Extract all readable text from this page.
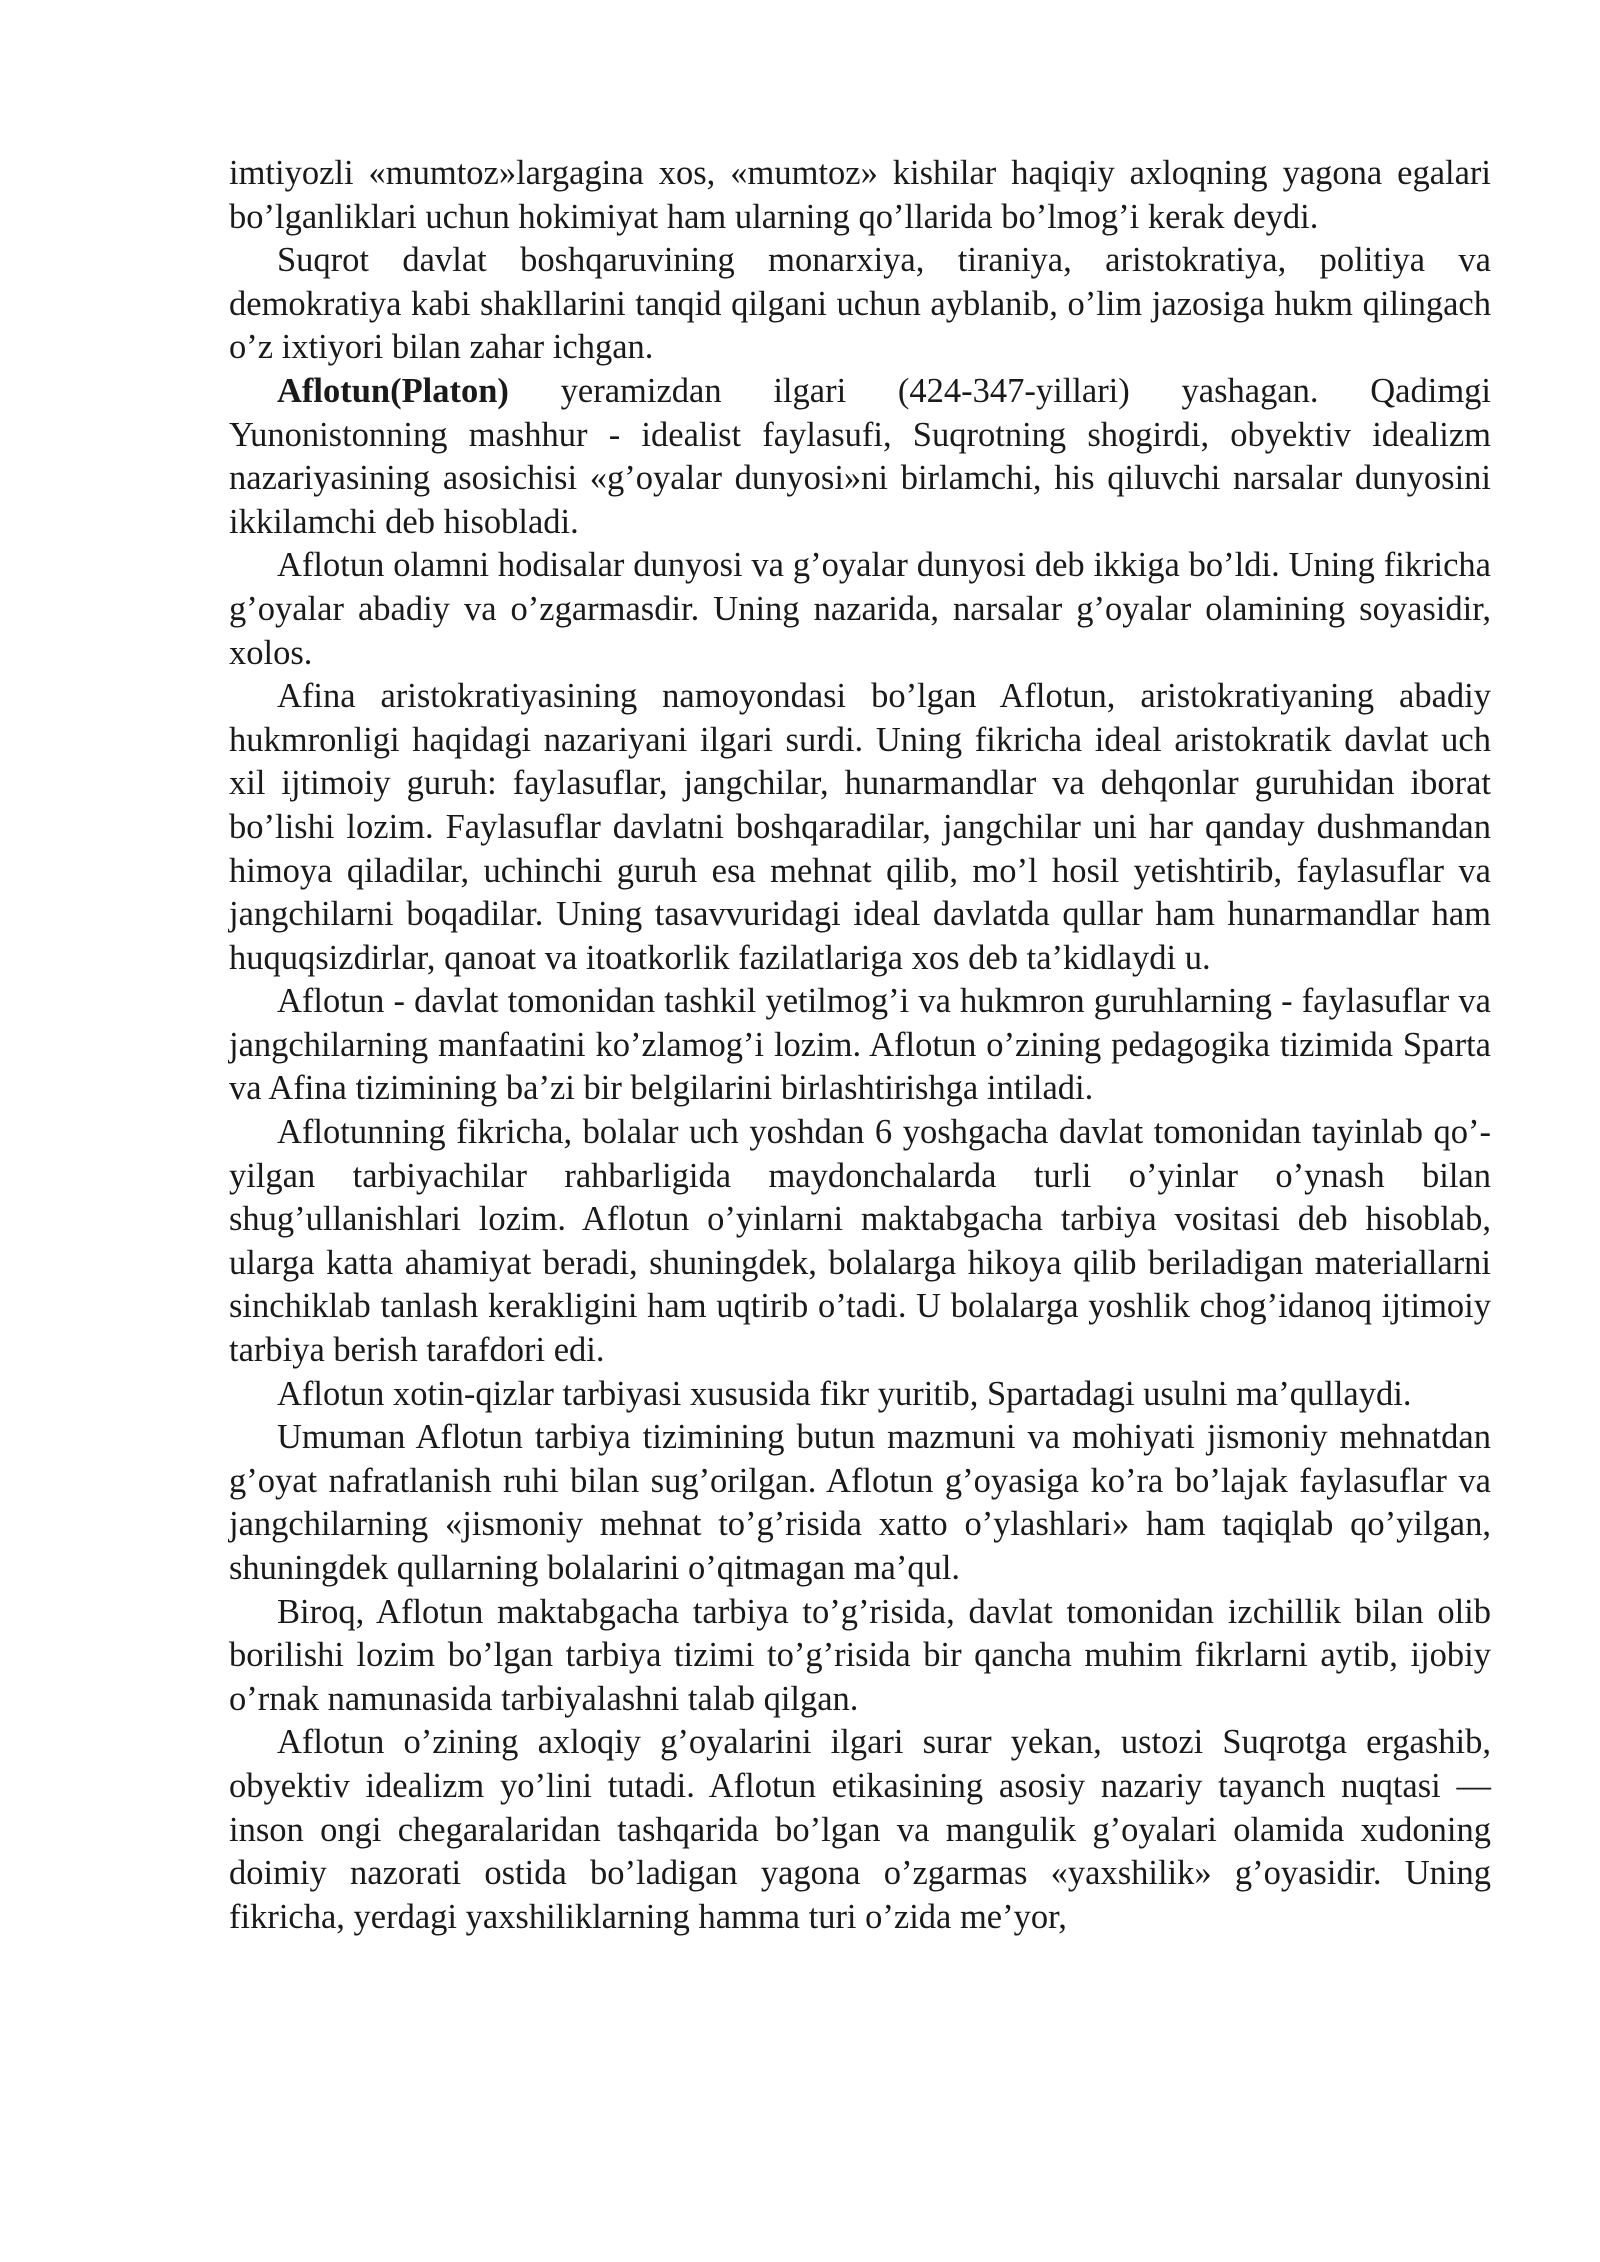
imtiyozli «mumtoz»largagina xos, «mumtoz» kishilar haqiqiy axloqning yagona egalari bo’lganliklari uchun hokimiyat ham ularning qo’llarida bo’lmog’i kerak deydi.

Suqrot davlat boshqaruvining monarxiya, tiraniya, aristokratiya, politiya va demokratiya kabi shakllarini tanqid qilgani uchun ayblanib, o’lim jazosiga hukm qilingach o’z ixtiyori bilan zahar ichgan.

Aflotun(Platon) yeramizdan ilgari (424-347-yillari) yashagan. Qadimgi Yunonistonning mashhur - idealist faylasufi, Suqrotning shogirdi, obyektiv idealizm nazariyasining asosichisi «g’oyalar dunyosi»ni birlamchi, his qiluvchi narsalar dunyosini ikkilamchi deb hisobladi.

Aflotun olamni hodisalar dunyosi va g’oyalar dunyosi deb ikkiga bo’ldi. Uning fikricha g’oyalar abadiy va o’zgarmasdir. Uning nazarida, narsalar g’oyalar olamining soyasidir, xolos.

Afina aristokratiyasining namoyondasi bo’lgan Aflotun, aristokratiyaning abadiy hukmronligi haqidagi nazariyani ilgari surdi. Uning fikricha ideal aristokratik davlat uch xil ijtimoiy guruh: faylasuflar, jangchilar, hunarmandlar va dehqonlar guruhidan iborat bo’lishi lozim. Faylasuflar davlatni boshqaradilar, jangchilar uni har qanday dushmandan himoya qiladilar, uchinchi guruh esa mehnat qilib, mo’l hosil yetishtirib, faylasuflar va jangchilarni boqadilar. Uning tasavvuridagi ideal davlatda qullar ham hunarmandlar ham huquqsizdirlar, qanoat va itoatkorlik fazilatlariga xos deb ta’kidlaydi u.

Aflotun - davlat tomonidan tashkil yetilmog’i va hukmron guruhlarning - faylasuflar va jangchilarning manfaatini ko’zlamog’i lozim. Aflotun o’zining pedagogika tizimida Sparta va Afina tizimining ba’zi bir belgilarini birlashtirishga intiladi.

Aflotunning fikricha, bolalar uch yoshdan 6 yoshgacha davlat tomonidan tayinlab qo’-yilgan tarbiyachilar rahbarligida maydonchalarda turli o’yinlar o’ynash bilan shug’ullanishlari lozim. Aflotun o’yinlarni maktabgacha tarbiya vositasi deb hisoblab, ularga katta ahamiyat beradi, shuningdek, bolalarga hikoya qilib beriladigan materiallarni sinchiklab tanlash kerakligini ham uqtirib o’tadi. U bolalarga yoshlik chog’idanoq ijtimoiy tarbiya berish tarafdori edi.

Aflotun xotin-qizlar tarbiyasi xususida fikr yuritib, Spartadagi usulni ma’qullaydi.

Umuman Aflotun tarbiya tizimining butun mazmuni va mohiyati jismoniy mehnatdan g’oyat nafratlanish ruhi bilan sug’orilgan. Aflotun g’oyasiga ko’ra bo’lajak faylasuflar va jangchilarning «jismoniy mehnat to’g’risida xatto o’ylashlari» ham taqiqlab qo’yilgan, shuningdek qullarning bolalarini o’qitmagan ma’qul.

Biroq, Aflotun maktabgacha tarbiya to’g’risida, davlat tomonidan izchillik bilan olib borilishi lozim bo’lgan tarbiya tizimi to’g’risida bir qancha muhim fikrlarni aytib, ijobiy o’rnak namunasida tarbiyalashni talab qilgan.

Aflotun o’zining axloqiy g’oyalarini ilgari surar yekan, ustozi Suqrotga ergashib, obyektiv idealizm yo’lini tutadi. Aflotun etikasining asosiy nazariy tayanch nuqtasi — inson ongi chegaralaridan tashqarida bo’lgan va mangulik g’oyalari olamida xudoning doimiy nazorati ostida bo’ladigan yagona o’zgarmas «yaxshilik» g’oyasidir. Uning fikricha, yerdagi yaxshiliklarning hamma turi o’zida me’yor,
